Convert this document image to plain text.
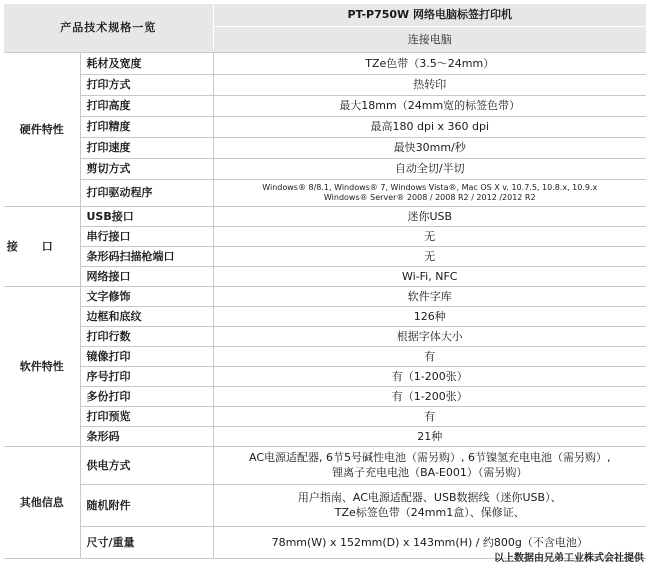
产品技术规格一览		PT-P750W 网络电脑标签打印机
		连接电脑
硬件特性	耗材及宽度	TZe色带（3.5～24mm）
	打印方式	热转印
	打印高度	最大18mm（24mm宽的标签色带）
	打印精度	最高180 dpi x 360 dpi
	打印速度	最快30mm/秒
	剪切方式	自动全切/半切
	打印驱动程序	Windows® 8/8.1, Windows® 7, Windows Vista®, Mac OS X v. 10.7.5, 10.8.x, 10.9.x
Windows® Server® 2008 / 2008 R2 / 2012 /2012 R2

接口	USB接口	迷你USB
	串行接口	无
	条形码扫描枪端口	无
	网络接口	Wi-Fi, NFC
软件特性	文字修饰	软件字库
	边框和底纹	126种
	打印行数	根据字体大小
	镜像打印	有
	序号打印	有（1-200张）
	多份打印	有（1-200张）
	打印预览	有
	条形码	21种
其他信息	供电方式	AC电源适配器, 6节5号碱性电池（需另购）, 6节镍氢充电电池（需另购）,
锂离子充电电池（BA-E001）（需另购）

	随机附件	用户指南、AC电源适配器、USB数据线（迷你USB）、
TZe标签色带（24mm1盒）、保修证、

	尺寸/重量	78mm(W) x 152mm(D) x 143mm(H) / 约800g（不含电池）
以上数据由兄弟工业株式会社提供
